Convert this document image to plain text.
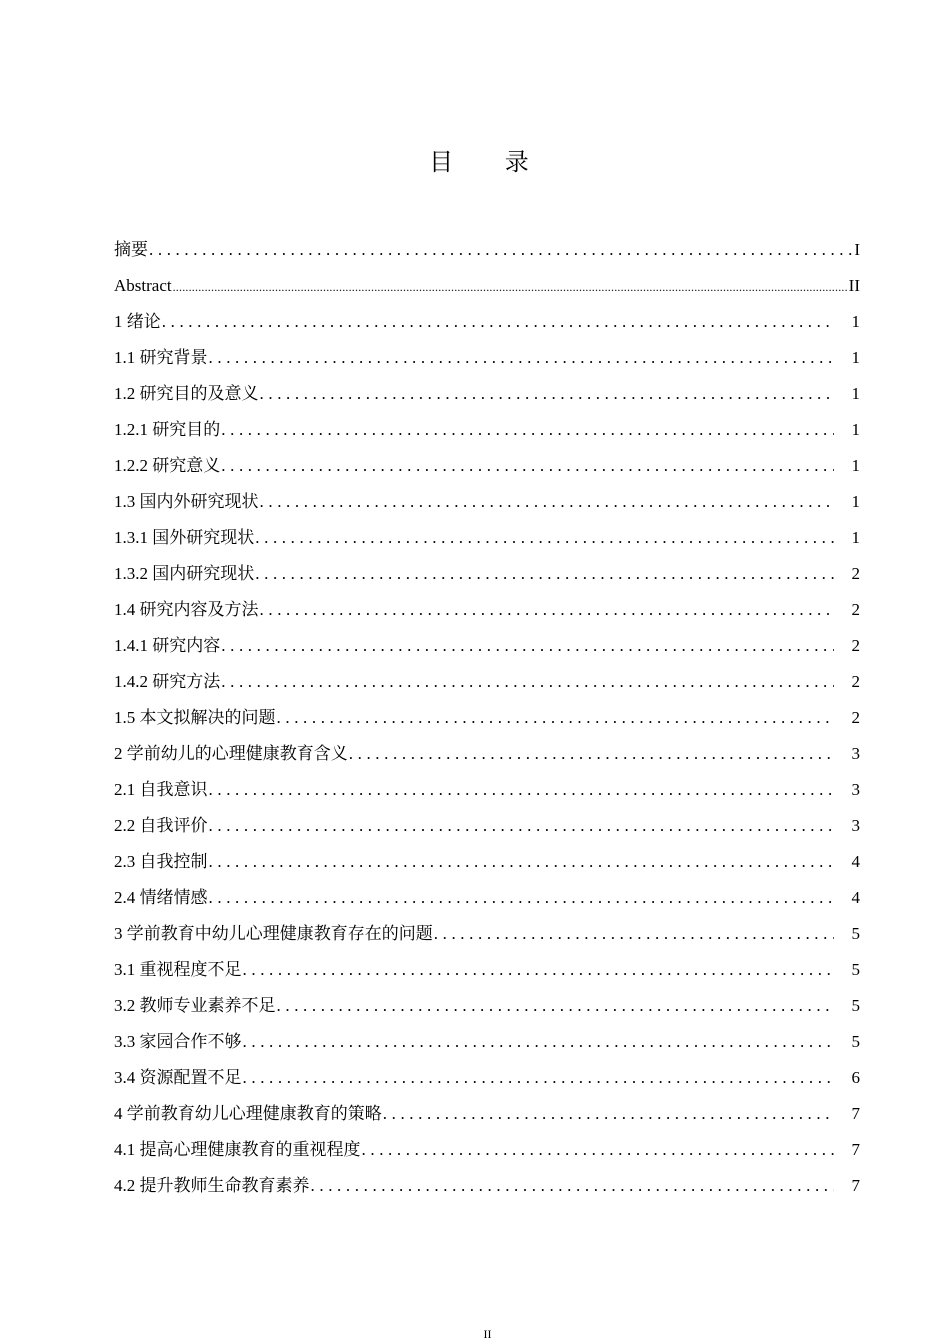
目 录
摘要 .....	I
Abstract .....	II
1 绪论 .....	1
1.1 研究背景 .....	1
1.2 研究目的及意义 .....	1
1.2.1 研究目的 .....	1
1.2.2 研究意义 .....	1
1.3 国内外研究现状 .....	1
1.3.1 国外研究现状 .....	1
1.3.2 国内研究现状 .....	2
1.4 研究内容及方法 .....	2
1.4.1 研究内容 .....	2
1.4.2 研究方法 .....	2
1.5 本文拟解决的问题 .....	2
2 学前幼儿的心理健康教育含义 .....	3
2.1 自我意识 .....	3
2.2 自我评价 .....	3
2.3 自我控制 .....	4
2.4 情绪情感 .....	4
3 学前教育中幼儿心理健康教育存在的问题 .....	5
3.1 重视程度不足 .....	5
3.2 教师专业素养不足 .....	5
3.3 家园合作不够 .....	5
3.4 资源配置不足 .....	6
4 学前教育幼儿心理健康教育的策略 .....	7
4.1 提高心理健康教育的重视程度 .....	7
4.2 提升教师生命教育素养 .....	7
II
